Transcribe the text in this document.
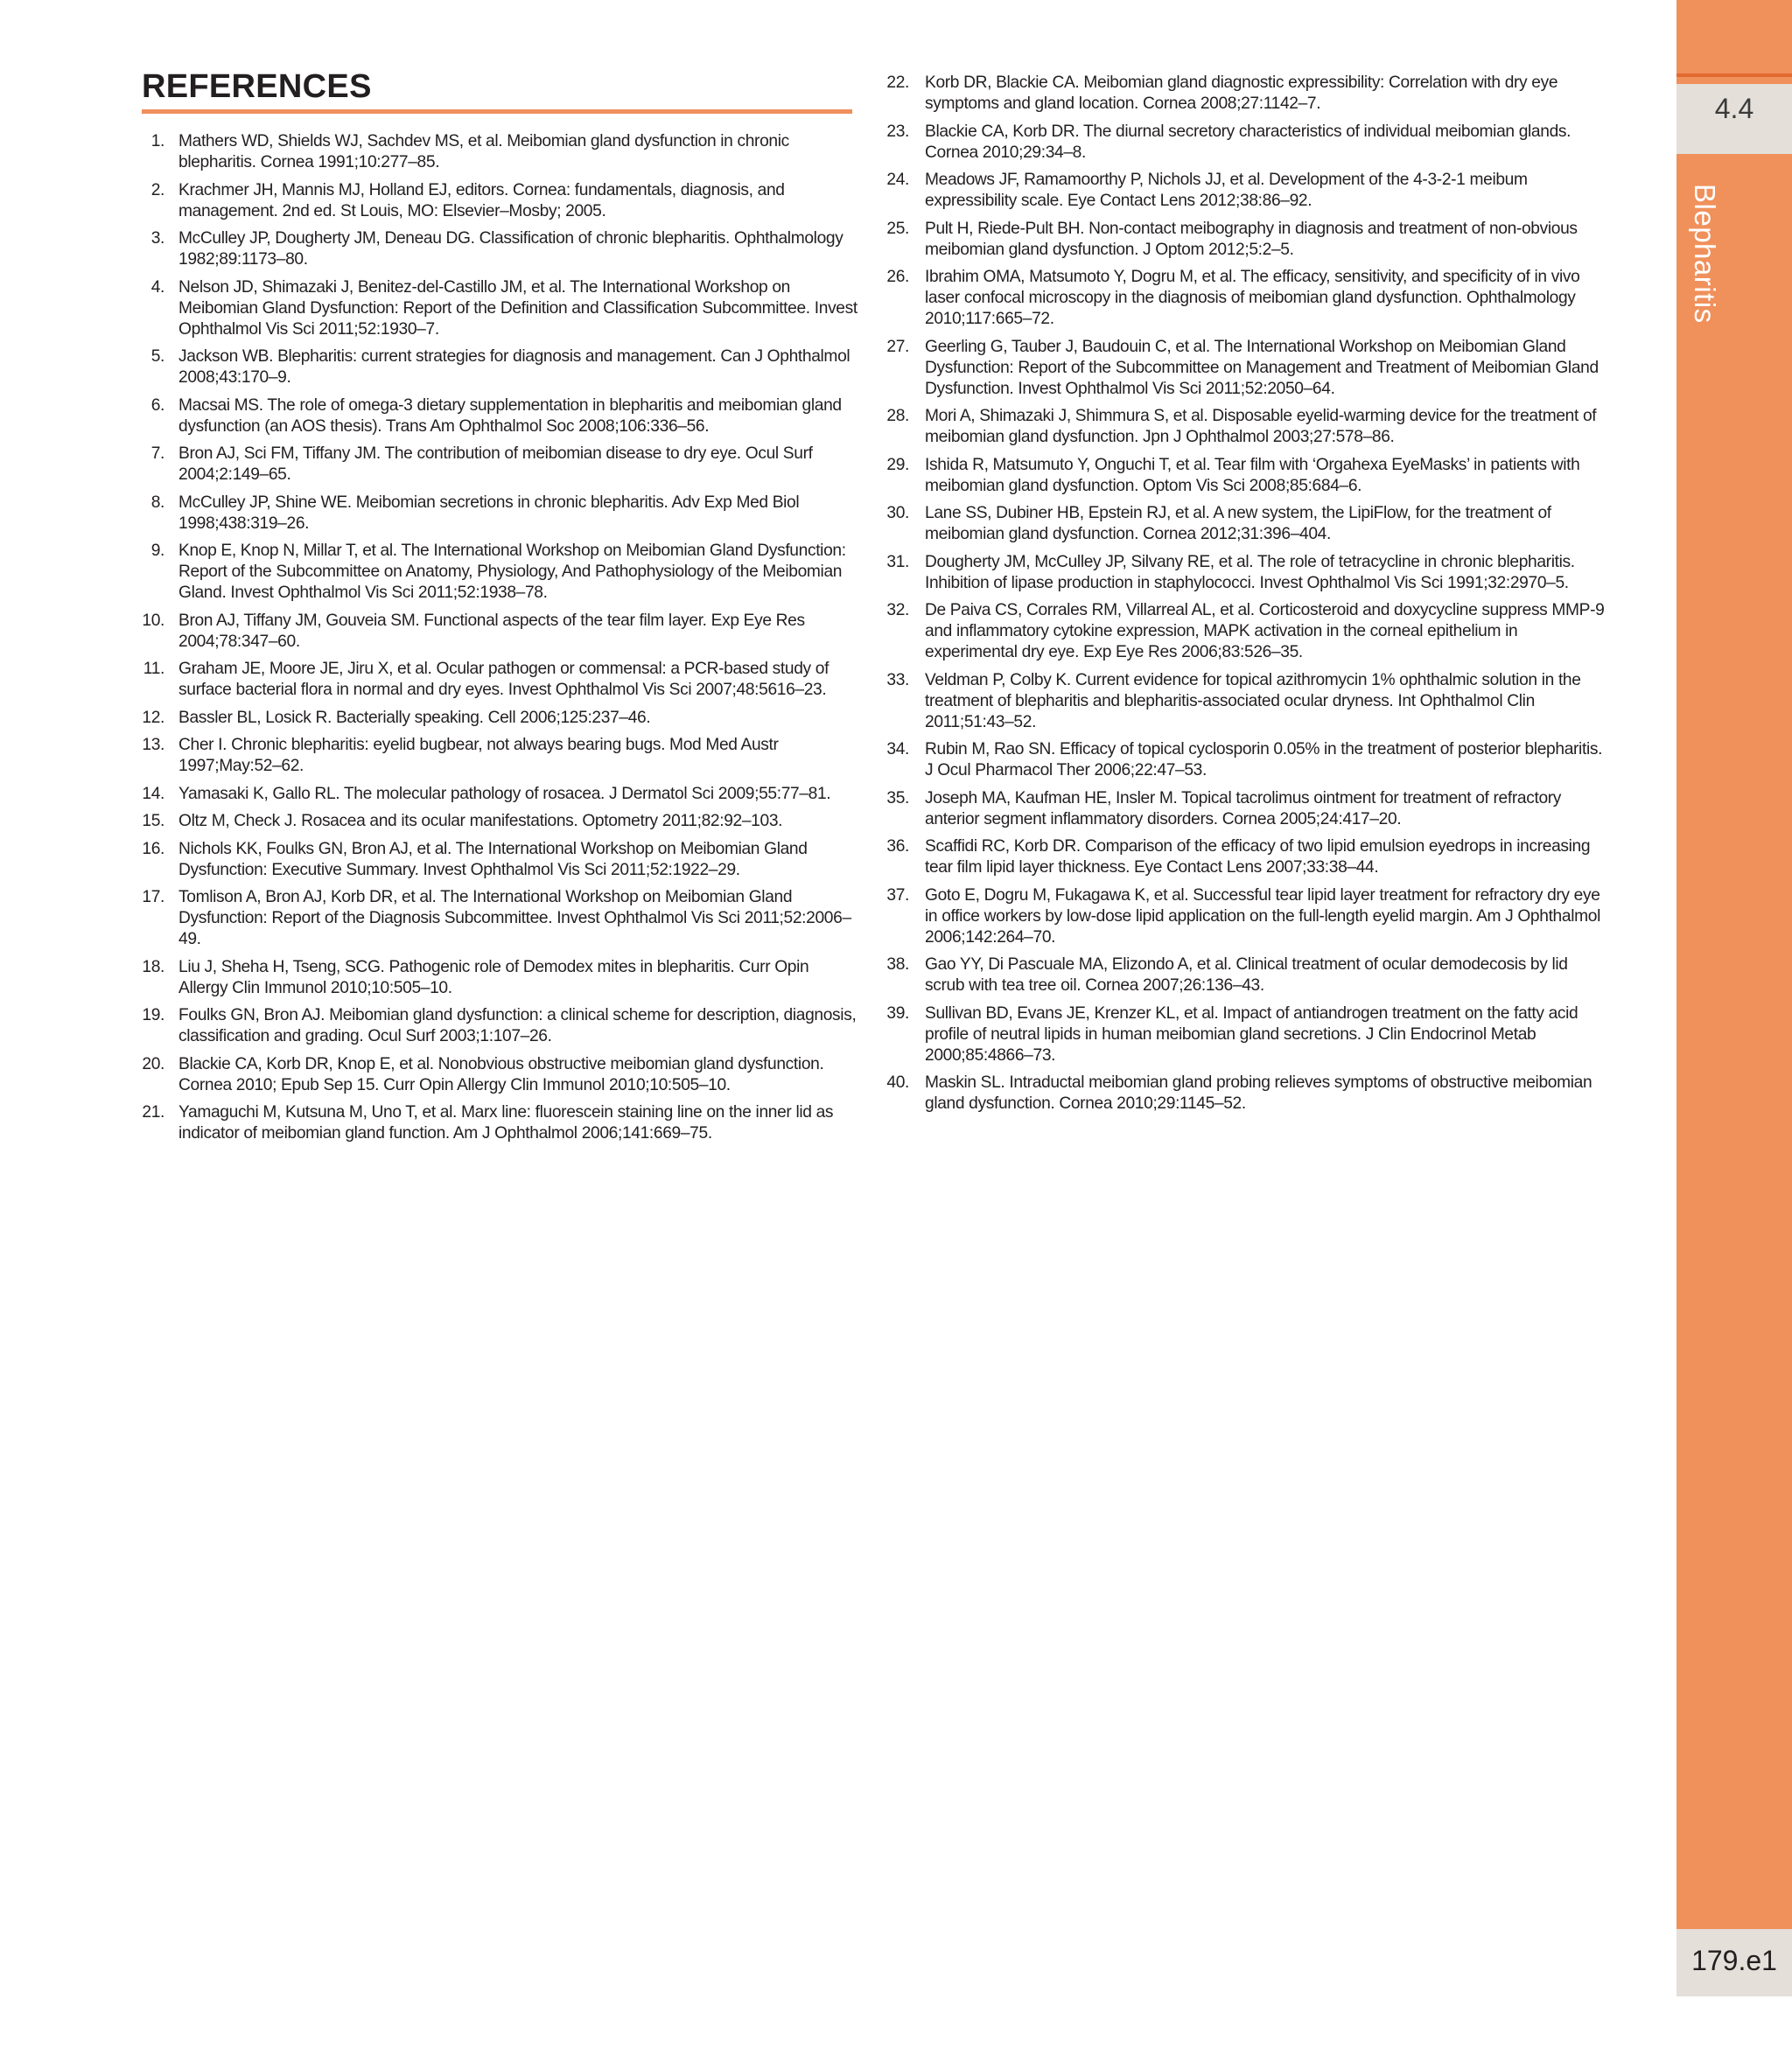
REFERENCES
1. Mathers WD, Shields WJ, Sachdev MS, et al. Meibomian gland dysfunction in chronic blepharitis. Cornea 1991;10:277–85.
2. Krachmer JH, Mannis MJ, Holland EJ, editors. Cornea: fundamentals, diagnosis, and management. 2nd ed. St Louis, MO: Elsevier–Mosby; 2005.
3. McCulley JP, Dougherty JM, Deneau DG. Classification of chronic blepharitis. Ophthalmology 1982;89:1173–80.
4. Nelson JD, Shimazaki J, Benitez-del-Castillo JM, et al. The International Workshop on Meibomian Gland Dysfunction: Report of the Definition and Classification Subcommittee. Invest Ophthalmol Vis Sci 2011;52:1930–7.
5. Jackson WB. Blepharitis: current strategies for diagnosis and management. Can J Ophthalmol 2008;43:170–9.
6. Macsai MS. The role of omega-3 dietary supplementation in blepharitis and meibomian gland dysfunction (an AOS thesis). Trans Am Ophthalmol Soc 2008;106:336–56.
7. Bron AJ, Sci FM, Tiffany JM. The contribution of meibomian disease to dry eye. Ocul Surf 2004;2:149–65.
8. McCulley JP, Shine WE. Meibomian secretions in chronic blepharitis. Adv Exp Med Biol 1998;438:319–26.
9. Knop E, Knop N, Millar T, et al. The International Workshop on Meibomian Gland Dysfunction: Report of the Subcommittee on Anatomy, Physiology, And Pathophysiology of the Meibomian Gland. Invest Ophthalmol Vis Sci 2011;52:1938–78.
10. Bron AJ, Tiffany JM, Gouveia SM. Functional aspects of the tear film layer. Exp Eye Res 2004;78:347–60.
11. Graham JE, Moore JE, Jiru X, et al. Ocular pathogen or commensal: a PCR-based study of surface bacterial flora in normal and dry eyes. Invest Ophthalmol Vis Sci 2007;48:5616–23.
12. Bassler BL, Losick R. Bacterially speaking. Cell 2006;125:237–46.
13. Cher I. Chronic blepharitis: eyelid bugbear, not always bearing bugs. Mod Med Austr 1997;May:52–62.
14. Yamasaki K, Gallo RL. The molecular pathology of rosacea. J Dermatol Sci 2009;55:77–81.
15. Oltz M, Check J. Rosacea and its ocular manifestations. Optometry 2011;82:92–103.
16. Nichols KK, Foulks GN, Bron AJ, et al. The International Workshop on Meibomian Gland Dysfunction: Executive Summary. Invest Ophthalmol Vis Sci 2011;52:1922–29.
17. Tomlison A, Bron AJ, Korb DR, et al. The International Workshop on Meibomian Gland Dysfunction: Report of the Diagnosis Subcommittee. Invest Ophthalmol Vis Sci 2011;52:2006–49.
18. Liu J, Sheha H, Tseng, SCG. Pathogenic role of Demodex mites in blepharitis. Curr Opin Allergy Clin Immunol 2010;10:505–10.
19. Foulks GN, Bron AJ. Meibomian gland dysfunction: a clinical scheme for description, diagnosis, classification and grading. Ocul Surf 2003;1:107–26.
20. Blackie CA, Korb DR, Knop E, et al. Nonobvious obstructive meibomian gland dysfunction. Cornea 2010; Epub Sep 15. Curr Opin Allergy Clin Immunol 2010;10:505–10.
21. Yamaguchi M, Kutsuna M, Uno T, et al. Marx line: fluorescein staining line on the inner lid as indicator of meibomian gland function. Am J Ophthalmol 2006;141:669–75.
22. Korb DR, Blackie CA. Meibomian gland diagnostic expressibility: Correlation with dry eye symptoms and gland location. Cornea 2008;27:1142–7.
23. Blackie CA, Korb DR. The diurnal secretory characteristics of individual meibomian glands. Cornea 2010;29:34–8.
24. Meadows JF, Ramamoorthy P, Nichols JJ, et al. Development of the 4-3-2-1 meibum expressibility scale. Eye Contact Lens 2012;38:86–92.
25. Pult H, Riede-Pult BH. Non-contact meibography in diagnosis and treatment of non-obvious meibomian gland dysfunction. J Optom 2012;5:2–5.
26. Ibrahim OMA, Matsumoto Y, Dogru M, et al. The efficacy, sensitivity, and specificity of in vivo laser confocal microscopy in the diagnosis of meibomian gland dysfunction. Ophthalmology 2010;117:665–72.
27. Geerling G, Tauber J, Baudouin C, et al. The International Workshop on Meibomian Gland Dysfunction: Report of the Subcommittee on Management and Treatment of Meibomian Gland Dysfunction. Invest Ophthalmol Vis Sci 2011;52:2050–64.
28. Mori A, Shimazaki J, Shimmura S, et al. Disposable eyelid-warming device for the treatment of meibomian gland dysfunction. Jpn J Ophthalmol 2003;27:578–86.
29. Ishida R, Matsumuto Y, Onguchi T, et al. Tear film with ‘Orgahexa EyeMasks’ in patients with meibomian gland dysfunction. Optom Vis Sci 2008;85:684–6.
30. Lane SS, Dubiner HB, Epstein RJ, et al. A new system, the LipiFlow, for the treatment of meibomian gland dysfunction. Cornea 2012;31:396–404.
31. Dougherty JM, McCulley JP, Silvany RE, et al. The role of tetracycline in chronic blepharitis. Inhibition of lipase production in staphylococci. Invest Ophthalmol Vis Sci 1991;32:2970–5.
32. De Paiva CS, Corrales RM, Villarreal AL, et al. Corticosteroid and doxycycline suppress MMP-9 and inflammatory cytokine expression, MAPK activation in the corneal epithelium in experimental dry eye. Exp Eye Res 2006;83:526–35.
33. Veldman P, Colby K. Current evidence for topical azithromycin 1% ophthalmic solution in the treatment of blepharitis and blepharitis-associated ocular dryness. Int Ophthalmol Clin 2011;51:43–52.
34. Rubin M, Rao SN. Efficacy of topical cyclosporin 0.05% in the treatment of posterior blepharitis. J Ocul Pharmacol Ther 2006;22:47–53.
35. Joseph MA, Kaufman HE, Insler M. Topical tacrolimus ointment for treatment of refractory anterior segment inflammatory disorders. Cornea 2005;24:417–20.
36. Scaffidi RC, Korb DR. Comparison of the efficacy of two lipid emulsion eyedrops in increasing tear film lipid layer thickness. Eye Contact Lens 2007;33:38–44.
37. Goto E, Dogru M, Fukagawa K, et al. Successful tear lipid layer treatment for refractory dry eye in office workers by low-dose lipid application on the full-length eyelid margin. Am J Ophthalmol 2006;142:264–70.
38. Gao YY, Di Pascuale MA, Elizondo A, et al. Clinical treatment of ocular demodecosis by lid scrub with tea tree oil. Cornea 2007;26:136–43.
39. Sullivan BD, Evans JE, Krenzer KL, et al. Impact of antiandrogen treatment on the fatty acid profile of neutral lipids in human meibomian gland secretions. J Clin Endocrinol Metab 2000;85:4866–73.
40. Maskin SL. Intraductal meibomian gland probing relieves symptoms of obstructive meibomian gland dysfunction. Cornea 2010;29:1145–52.
4.4
Blepharitis
179.e1
